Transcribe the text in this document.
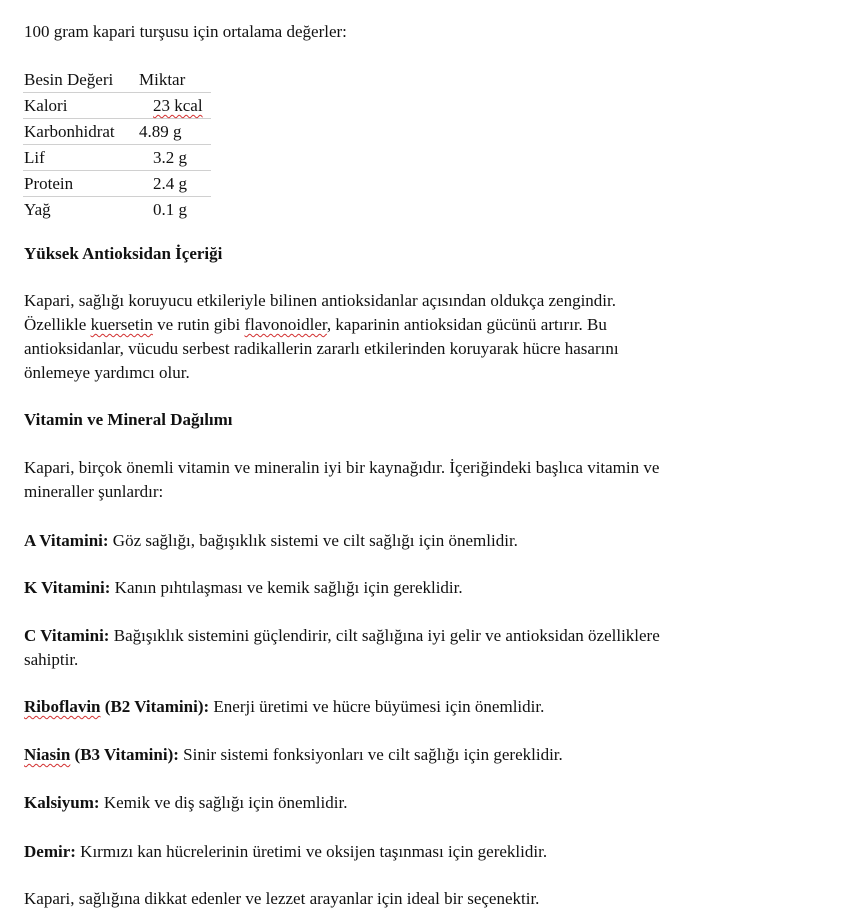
100 gram kapari turşusu için ortalama değerler:

Besin Değeri	Miktar
Kalori	23 kcal
Karbonhidrat	4.89 g
Lif	3.2 g
Protein	2.4 g
Yağ	0.1 g

Yüksek Antioksidan İçeriği

Kapari, sağlığı koruyucu etkileriyle bilinen antioksidanlar açısından oldukça zengindir.

Özellikle kuersetin ve rutin gibi flavonoidler, kaparinin antioksidan gücünü artırır. Bu

antioksidanlar, vücudu serbest radikallerin zararlı etkilerinden koruyarak hücre hasarını

önlemeye yardımcı olur.

Vitamin ve Mineral Dağılımı

Kapari, birçok önemli vitamin ve mineralin iyi bir kaynağıdır. İçeriğindeki başlıca vitamin ve

mineraller şunlardır:

A Vitamini: Göz sağlığı, bağışıklık sistemi ve cilt sağlığı için önemlidir.

K Vitamini: Kanın pıhtılaşması ve kemik sağlığı için gereklidir.

C Vitamini: Bağışıklık sistemini güçlendirir, cilt sağlığına iyi gelir ve antioksidan özelliklere

sahiptir.

Riboflavin (B2 Vitamini): Enerji üretimi ve hücre büyümesi için önemlidir.

Niasin (B3 Vitamini): Sinir sistemi fonksiyonları ve cilt sağlığı için gereklidir.

Kalsiyum: Kemik ve diş sağlığı için önemlidir.

Demir: Kırmızı kan hücrelerinin üretimi ve oksijen taşınması için gereklidir.

Kapari, sağlığına dikkat edenler ve lezzet arayanlar için ideal bir seçenektir.
